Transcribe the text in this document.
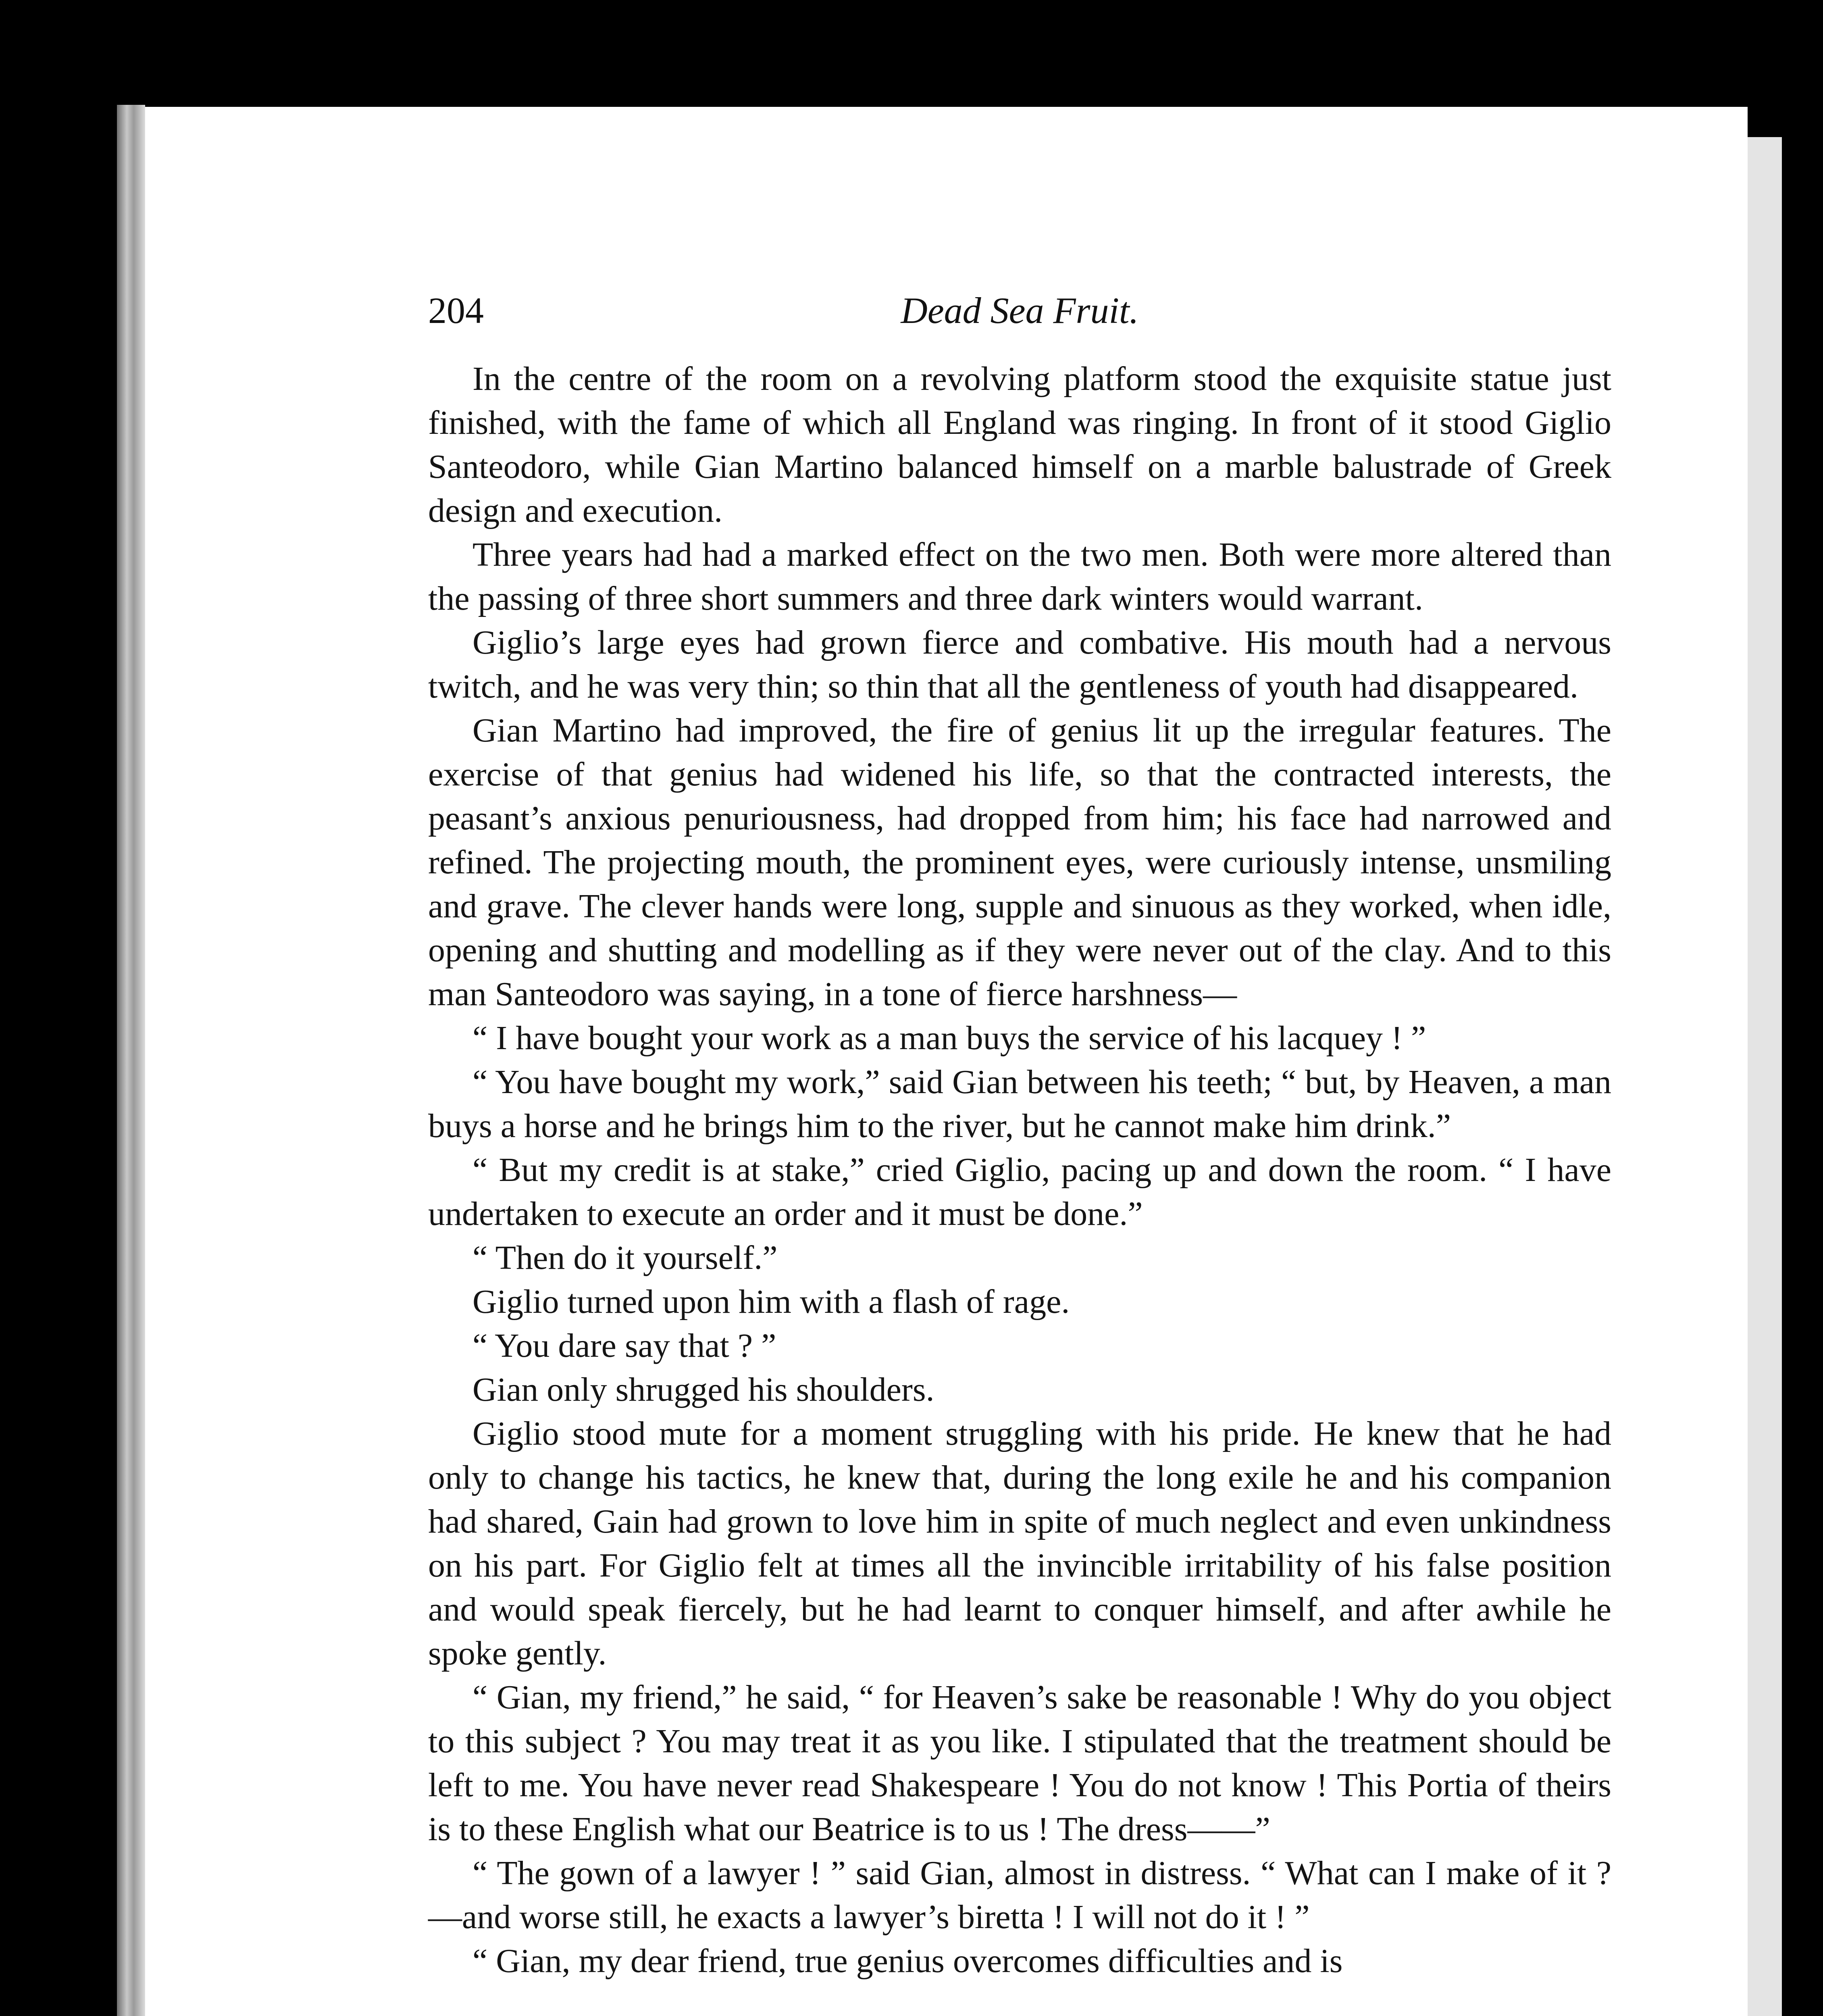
204	Dead Sea Fruit.

In the centre of the room on a revolving platform stood the exquisite statue just finished, with the fame of which all England was ringing. In front of it stood Giglio Santeodoro, while Gian Martino balanced himself on a marble balustrade of Greek design and execution.

Three years had had a marked effect on the two men. Both were more altered than the passing of three short summers and three dark winters would warrant.

Giglio’s large eyes had grown fierce and combative. His mouth had a nervous twitch, and he was very thin; so thin that all the gentleness of youth had disappeared.

Gian Martino had improved, the fire of genius lit up the irregular features. The exercise of that genius had widened his life, so that the contracted interests, the peasant’s anxious penuriousness, had dropped from him; his face had narrowed and refined. The projecting mouth, the prominent eyes, were curiously intense, unsmiling and grave. The clever hands were long, supple and sinuous as they worked, when idle, opening and shutting and modelling as if they were never out of the clay. And to this man Santeodoro was saying, in a tone of fierce harshness—

“ I have bought your work as a man buys the service of his lacquey ! ”

“ You have bought my work,” said Gian between his teeth; “ but, by Heaven, a man buys a horse and he brings him to the river, but he cannot make him drink.”

“ But my credit is at stake,” cried Giglio, pacing up and down the room. “ I have undertaken to execute an order and it must be done.”

“ Then do it yourself.”

Giglio turned upon him with a flash of rage.

“ You dare say that ? ”

Gian only shrugged his shoulders.

Giglio stood mute for a moment struggling with his pride. He knew that he had only to change his tactics, he knew that, during the long exile he and his companion had shared, Gain had grown to love him in spite of much neglect and even unkindness on his part. For Giglio felt at times all the invincible irritability of his false position and would speak fiercely, but he had learnt to conquer himself, and after awhile he spoke gently.

“ Gian, my friend,” he said, “ for Heaven’s sake be reasonable ! Why do you object to this subject ? You may treat it as you like. I stipulated that the treatment should be left to me. You have never read Shakespeare ! You do not know ! This Portia of theirs is to these English what our Beatrice is to us ! The dress——”

“ The gown of a lawyer ! ” said Gian, almost in distress. “ What can I make of it ?—and worse still, he exacts a lawyer’s biretta ! I will not do it ! ”

“ Gian, my dear friend, true genius overcomes difficulties and is
